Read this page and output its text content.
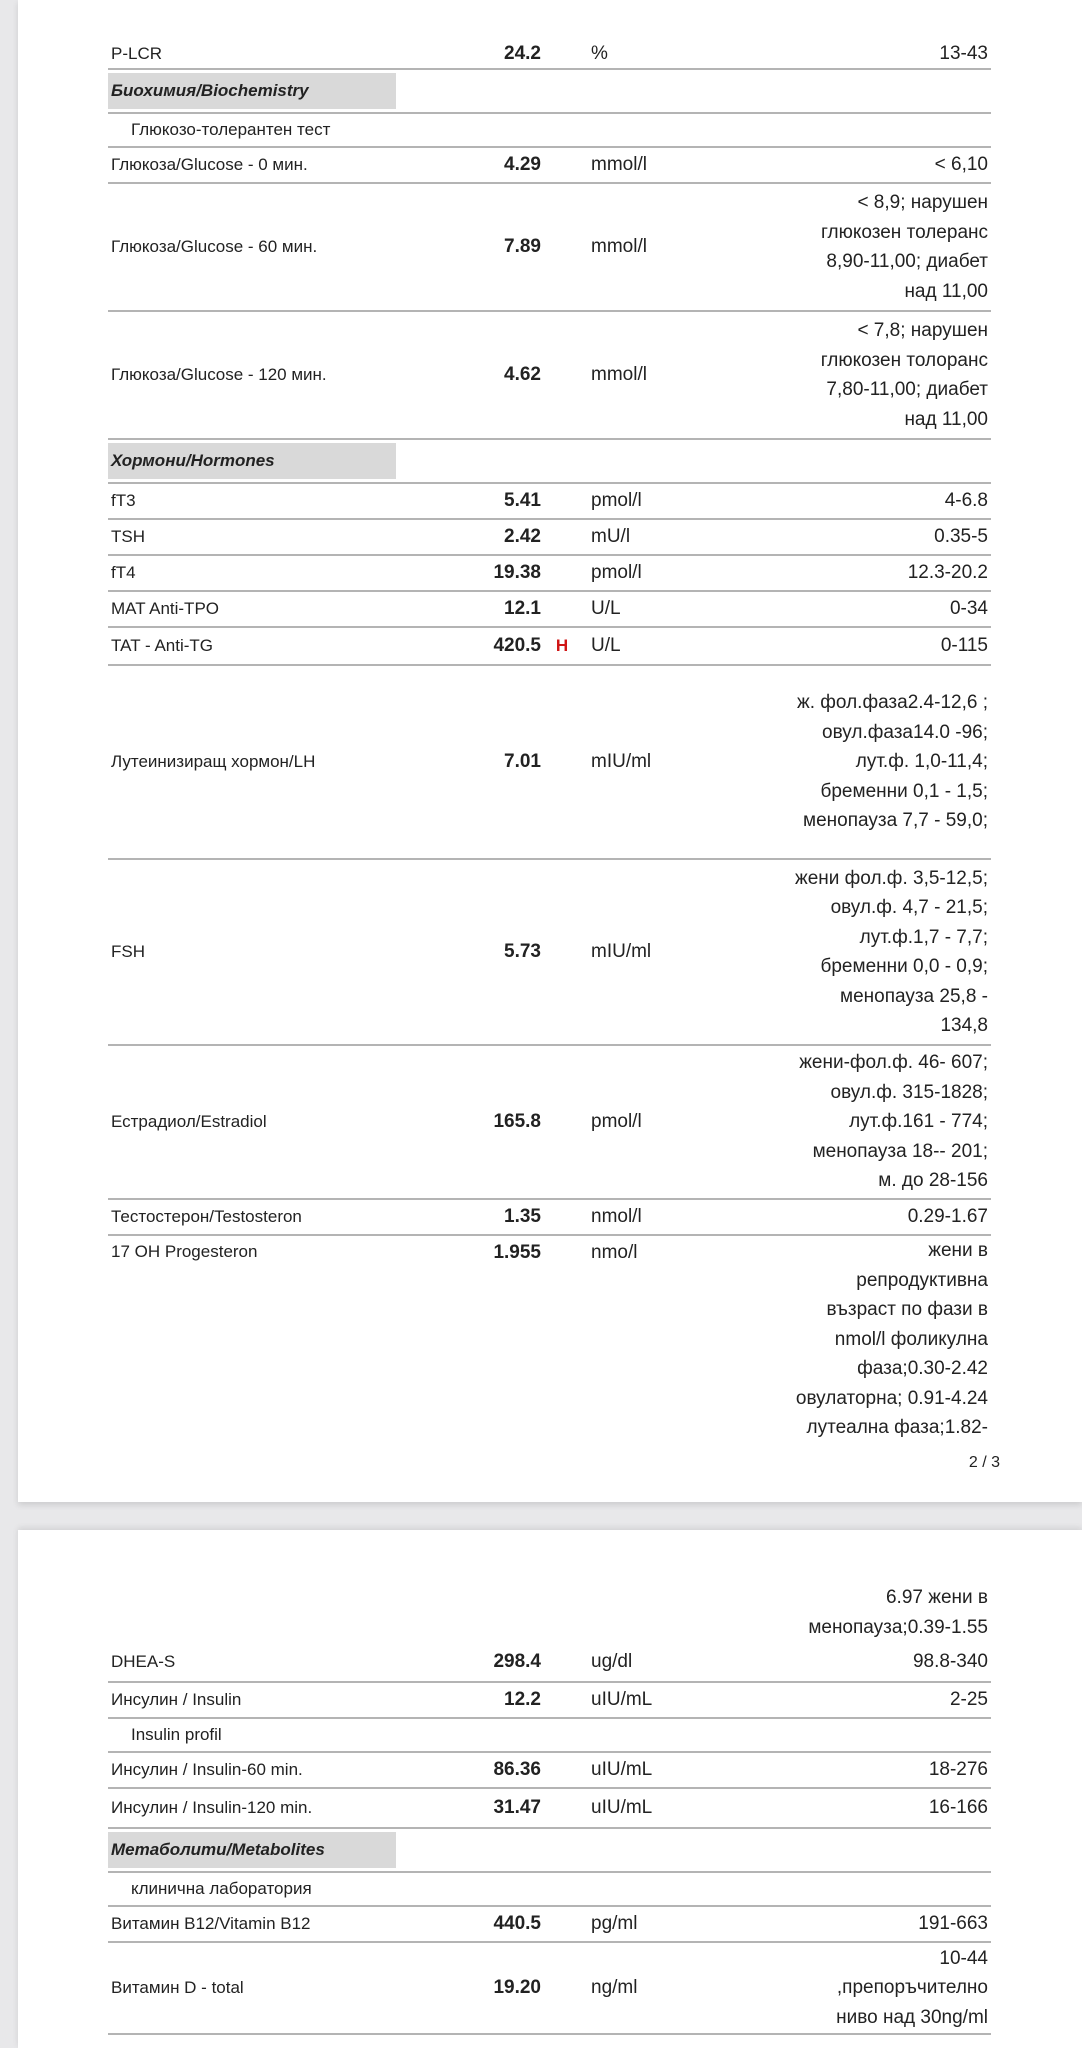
P-LCR	24.2	%	13-43
Биохимия/Biochemistry
Глюкозо-толерантен тест
Глюкоза/Glucose - 0 мин.	4.29	mmol/l	< 6,10
Глюкоза/Glucose - 60 мин.	7.89	mmol/l
< 8,9; нарушен
глюкозен толеранс
8,90-11,00; диабет
над 11,00
Глюкоза/Glucose - 120 мин.	4.62	mmol/l
< 7,8; нарушен
глюкозен толоранс
7,80-11,00; диабет
над 11,00
Хормони/Hormones
fT3	5.41	pmol/l	4-6.8
TSH	2.42	mU/l	0.35-5
fT4	19.38	pmol/l	12.3-20.2
MAT Anti-TPO	12.1	U/L	0-34
TAT - Anti-TG	420.5 H	U/L	0-115
Лутеинизиращ хормон/LH	7.01	mIU/ml
ж. фол.фаза2.4-12,6 ;
овул.фаза14.0 -96;
лут.ф. 1,0-11,4;
бременни 0,1 - 1,5;
менопауза 7,7 - 59,0;
FSH	5.73	mIU/ml
жени фол.ф. 3,5-12,5;
овул.ф. 4,7 - 21,5;
лут.ф.1,7 - 7,7;
бременни 0,0 - 0,9;
менопауза 25,8 -
134,8
Естрадиол/Estradiol	165.8	pmol/l
жени-фол.ф. 46- 607;
овул.ф. 315-1828;
лут.ф.161 - 774;
менопауза 18-- 201;
м. до 28-156
Тестостерон/Testosteron	1.35	nmol/l	0.29-1.67
17 OH Progesteron	1.955	nmo/l	жени в
репродуктивна
възраст по фази в
nmol/l фоликулна
фаза;0.30-2.42
овулаторна; 0.91-4.24
лутеална фаза;1.82-
2 / 3
6.97 жени в
менопауза;0.39-1.55
DHEA-S	298.4	ug/dl	98.8-340
Инсулин / Insulin	12.2	uIU/mL	2-25
Insulin profil
Инсулин / Insulin-60 min.	86.36	uIU/mL	18-276
Инсулин / Insulin-120 min.	31.47	uIU/mL	16-166
Метаболити/Metabolites
клинична лаборатория
Витамин B12/Vitamin B12	440.5	pg/ml	191-663
Витамин D - total	19.20	ng/ml
10-44
,препоръчително
ниво над 30ng/ml
